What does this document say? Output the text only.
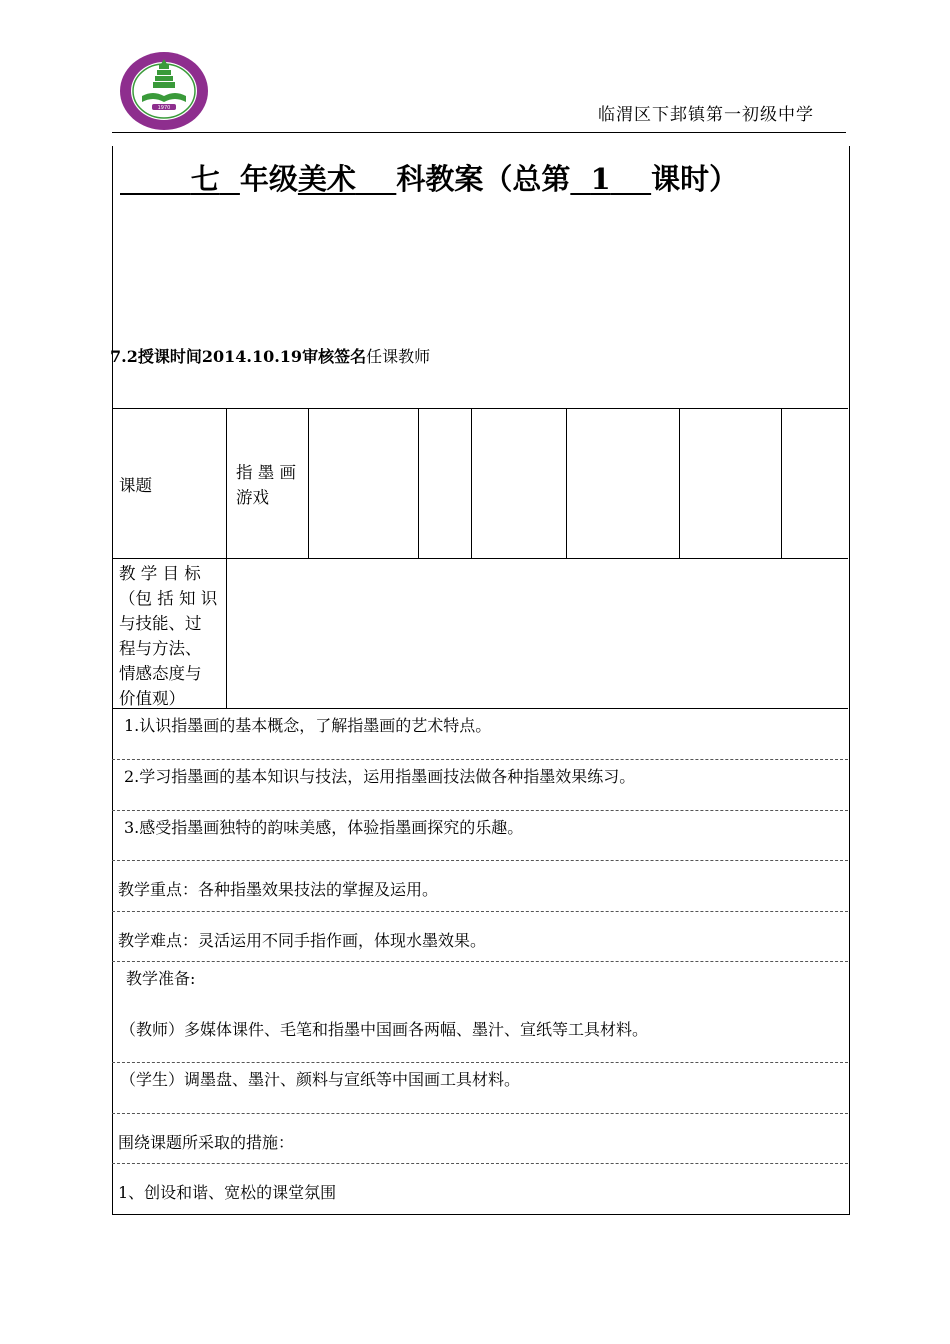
1970	临渭区下邽镇第一初级中学
七 年级美术 科教案（总第 1 课时）
7.2授课时间2014.10.19审核签名任课教师
课题
指 墨 画
游戏
教 学 目 标
（包 括 知 识
与技能、过
程与方法、
情感态度与
价值观）
1.认识指墨画的基本概念，了解指墨画的艺术特点。
2.学习指墨画的基本知识与技法，运用指墨画技法做各种指墨效果练习。
3.感受指墨画独特的韵味美感，体验指墨画探究的乐趣。
教学重点：各种指墨效果技法的掌握及运用。
教学难点：灵活运用不同手指作画，体现水墨效果。
教学准备:
（教师）多媒体课件、毛笔和指墨中国画各两幅、墨汁、宣纸等工具材料。
（学生）调墨盘、墨汁、颜料与宣纸等中国画工具材料。
围绕课题所采取的措施：
1、创设和谐、宽松的课堂氛围
